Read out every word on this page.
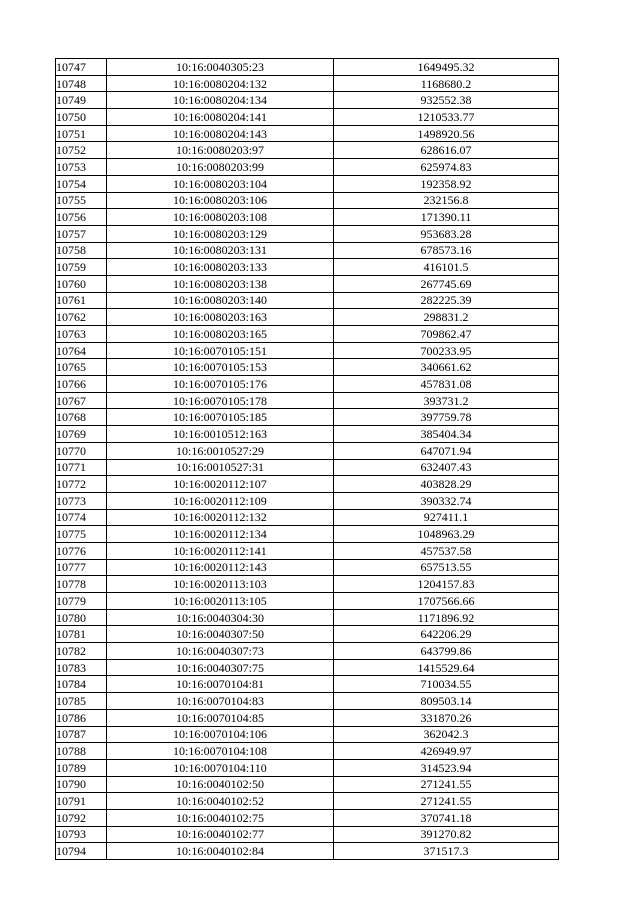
10747	10:16:0040305:23	1649495.32
10748	10:16:0080204:132	1168680.2
10749	10:16:0080204:134	932552.38
10750	10:16:0080204:141	1210533.77
10751	10:16:0080204:143	1498920.56
10752	10:16:0080203:97	628616.07
10753	10:16:0080203:99	625974.83
10754	10:16:0080203:104	192358.92
10755	10:16:0080203:106	232156.8
10756	10:16:0080203:108	171390.11
10757	10:16:0080203:129	953683.28
10758	10:16:0080203:131	678573.16
10759	10:16:0080203:133	416101.5
10760	10:16:0080203:138	267745.69
10761	10:16:0080203:140	282225.39
10762	10:16:0080203:163	298831.2
10763	10:16:0080203:165	709862.47
10764	10:16:0070105:151	700233.95
10765	10:16:0070105:153	340661.62
10766	10:16:0070105:176	457831.08
10767	10:16:0070105:178	393731.2
10768	10:16:0070105:185	397759.78
10769	10:16:0010512:163	385404.34
10770	10:16:0010527:29	647071.94
10771	10:16:0010527:31	632407.43
10772	10:16:0020112:107	403828.29
10773	10:16:0020112:109	390332.74
10774	10:16:0020112:132	927411.1
10775	10:16:0020112:134	1048963.29
10776	10:16:0020112:141	457537.58
10777	10:16:0020112:143	657513.55
10778	10:16:0020113:103	1204157.83
10779	10:16:0020113:105	1707566.66
10780	10:16:0040304:30	1171896.92
10781	10:16:0040307:50	642206.29
10782	10:16:0040307:73	643799.86
10783	10:16:0040307:75	1415529.64
10784	10:16:0070104:81	710034.55
10785	10:16:0070104:83	809503.14
10786	10:16:0070104:85	331870.26
10787	10:16:0070104:106	362042.3
10788	10:16:0070104:108	426949.97
10789	10:16:0070104:110	314523.94
10790	10:16:0040102:50	271241.55
10791	10:16:0040102:52	271241.55
10792	10:16:0040102:75	370741.18
10793	10:16:0040102:77	391270.82
10794	10:16:0040102:84	371517.3
